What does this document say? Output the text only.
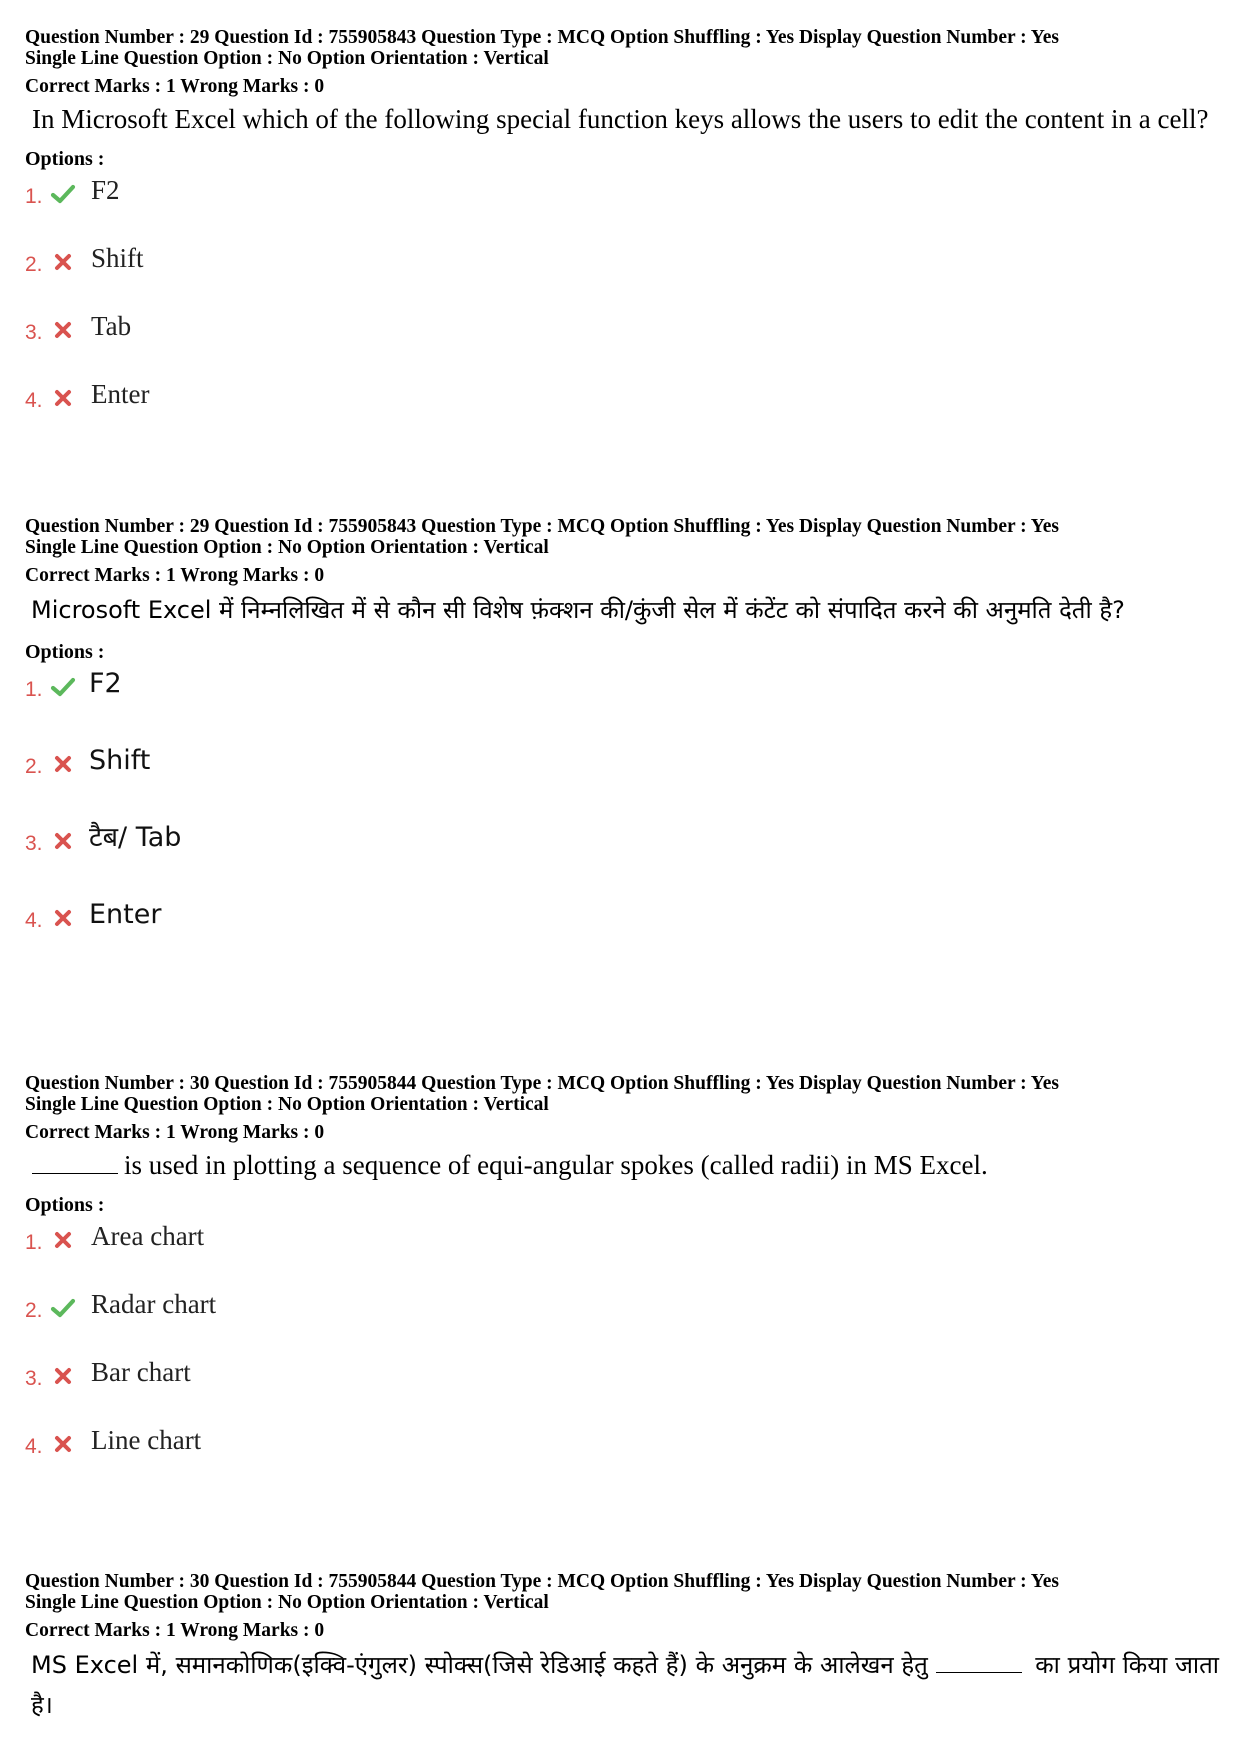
Question Number : 29 Question Id : 755905843 Question Type : MCQ Option Shuffling : Yes Display Question Number : Yes
Single Line Question Option : No Option Orientation : Vertical
Correct Marks : 1 Wrong Marks : 0
In Microsoft Excel which of the following special function keys allows the users to edit the content in a cell?
Options :
1. F2
2. Shift
3. Tab
4. Enter
Question Number : 29 Question Id : 755905843 Question Type : MCQ Option Shuffling : Yes Display Question Number : Yes
Single Line Question Option : No Option Orientation : Vertical
Correct Marks : 1 Wrong Marks : 0
Microsoft Excel में निम्नलिखित में से कौन सी विशेष फ़ंक्शन की/कुंजी सेल में कंटेंट को संपादित करने की अनुमति देती है?
Options :
1. F2
2. Shift
3. टैब/ Tab
4. Enter
Question Number : 30 Question Id : 755905844 Question Type : MCQ Option Shuffling : Yes Display Question Number : Yes
Single Line Question Option : No Option Orientation : Vertical
Correct Marks : 1 Wrong Marks : 0
is used in plotting a sequence of equi-angular spokes (called radii) in MS Excel.
Options :
1. Area chart
2. Radar chart
3. Bar chart
4. Line chart
Question Number : 30 Question Id : 755905844 Question Type : MCQ Option Shuffling : Yes Display Question Number : Yes
Single Line Question Option : No Option Orientation : Vertical
Correct Marks : 1 Wrong Marks : 0
MS Excel में, समानकोणिक(इक्वि-एंगुलर) स्पोक्स(जिसे रेडिआई कहते हैं) के अनुक्रम के आलेखन हेतु	का प्रयोग किया जाता है।
